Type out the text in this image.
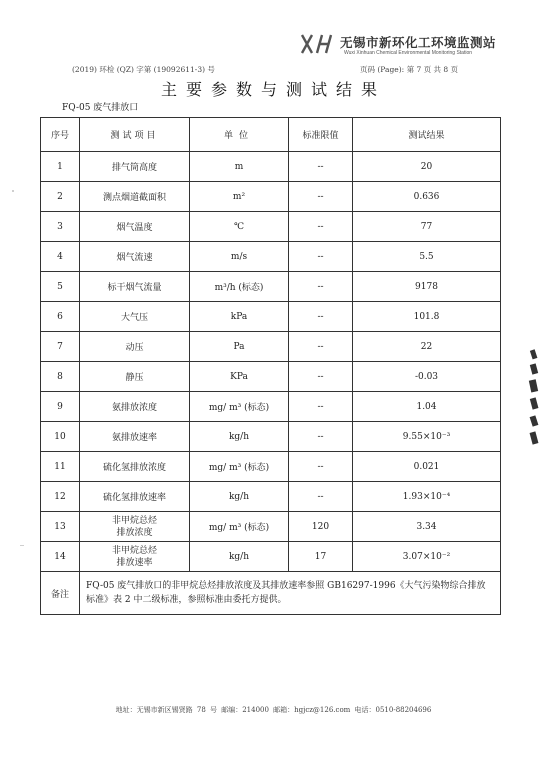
无锡市新环化工环境监测站
Wuxi Xinhuan Chemical Environmental Monitoring Station
(2019) 环检 (QZ) 字第 (19092611-3) 号	页码 (Page): 第 7 页 共 8 页
主要参数与测试结果
FQ-05 废气排放口
序号	测试项目	单位	标准限值	测试结果
1	排气筒高度	m	--	20
2	测点烟道截面积	m²	--	0.636
3	烟气温度	℃	--	77
4	烟气流速	m/s	--	5.5
5	标干烟气流量	m³/h (标态)	--	9178
6	大气压	kPa	--	101.8
7	动压	Pa	--	22
8	静压	KPa	--	-0.03
9	氨排放浓度	mg/ m³ (标态)	--	1.04
10	氨排放速率	kg/h	--	9.55×10⁻³
11	硫化氢排放浓度	mg/ m³ (标态)	--	0.021
12	硫化氢排放速率	kg/h	--	1.93×10⁻⁴
13	非甲烷总烃
排放浓度	mg/ m³ (标态)	120	3.34
14	非甲烷总烃
排放速率	kg/h	17	3.07×10⁻²
备注	FQ-05 废气排放口的非甲烷总烃排放浓度及其排放速率参照 GB16297-1996《大气污染物综合排放标准》表 2 中二级标准，参照标准由委托方提供。			
地址：无锡市新区锡贤路 78 号 邮编：214000 邮箱：hgjcz@126.com 电话：0510-88204696
